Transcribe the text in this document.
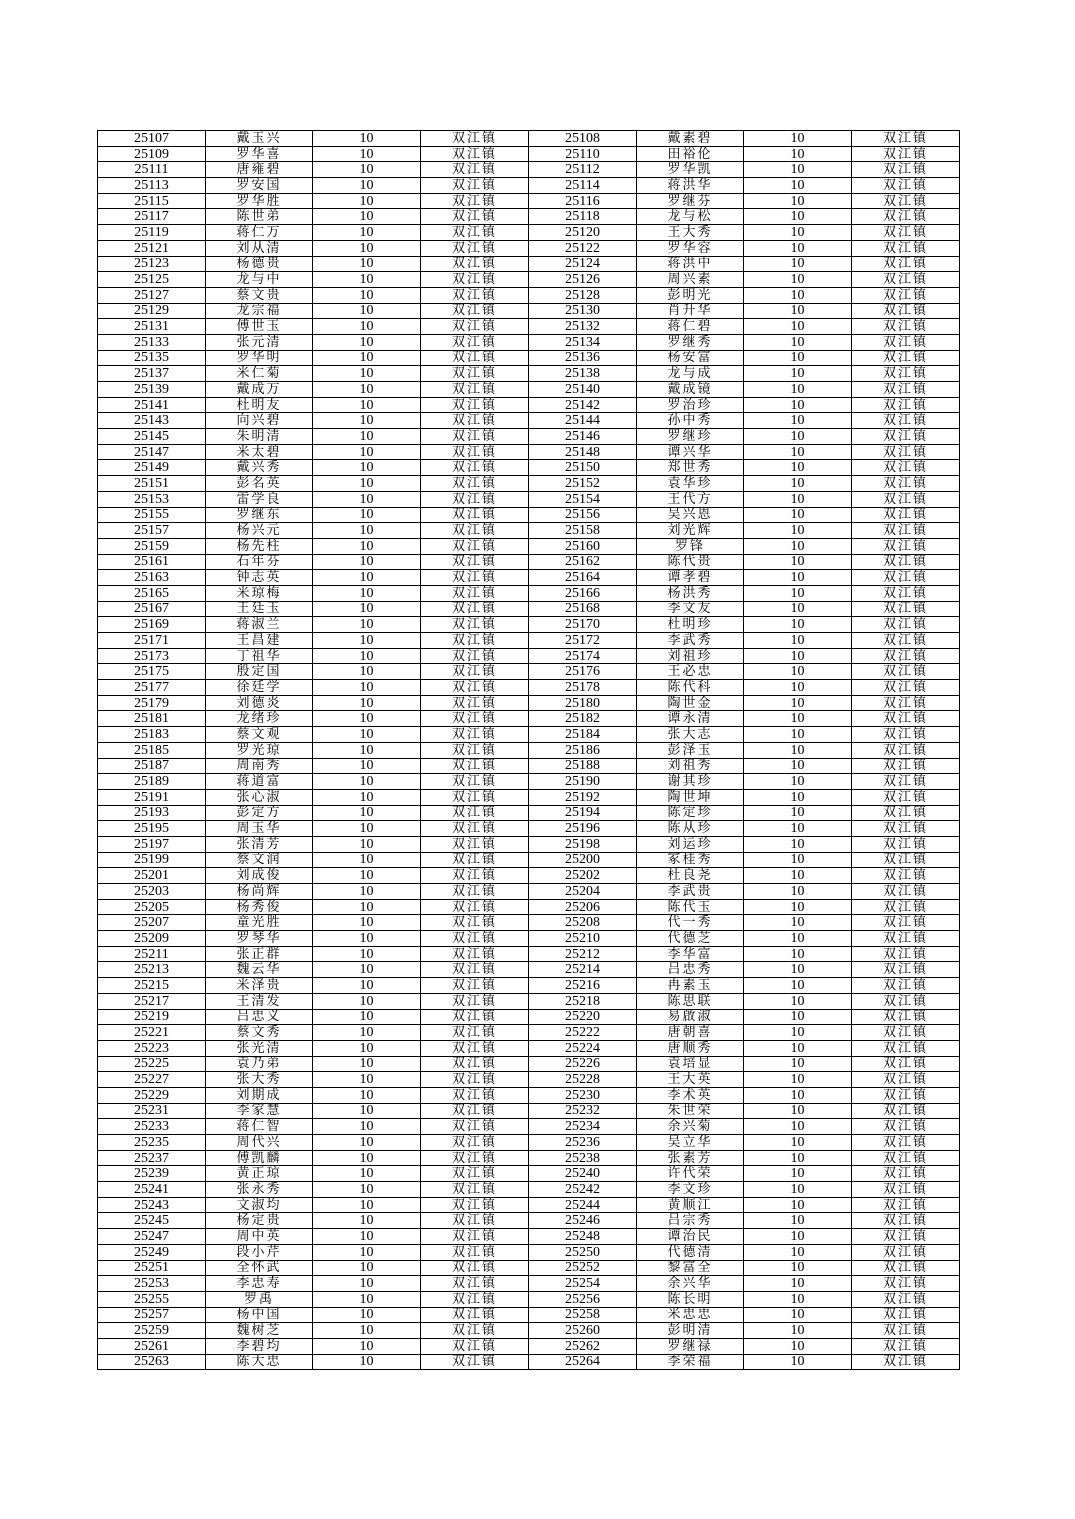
25107	戴玉兴	10	双江镇	25108	戴素碧	10	双江镇
25109	罗华喜	10	双江镇	25110	田裕伦	10	双江镇
25111	唐雍碧	10	双江镇	25112	罗华凯	10	双江镇
25113	罗安国	10	双江镇	25114	蒋洪华	10	双江镇
25115	罗华胜	10	双江镇	25116	罗继芬	10	双江镇
25117	陈世弟	10	双江镇	25118	龙与松	10	双江镇
25119	蒋仁万	10	双江镇	25120	王大秀	10	双江镇
25121	刘从清	10	双江镇	25122	罗华容	10	双江镇
25123	杨德贵	10	双江镇	25124	蒋洪中	10	双江镇
25125	龙与中	10	双江镇	25126	周兴素	10	双江镇
25127	蔡文贵	10	双江镇	25128	彭明光	10	双江镇
25129	龙宗福	10	双江镇	25130	肖升华	10	双江镇
25131	傅世玉	10	双江镇	25132	蒋仁碧	10	双江镇
25133	张元清	10	双江镇	25134	罗继秀	10	双江镇
25135	罗华明	10	双江镇	25136	杨安富	10	双江镇
25137	米仁菊	10	双江镇	25138	龙与成	10	双江镇
25139	戴成万	10	双江镇	25140	戴成镜	10	双江镇
25141	杜明友	10	双江镇	25142	罗治珍	10	双江镇
25143	向兴碧	10	双江镇	25144	孙中秀	10	双江镇
25145	朱明清	10	双江镇	25146	罗继珍	10	双江镇
25147	米太碧	10	双江镇	25148	谭兴华	10	双江镇
25149	戴兴秀	10	双江镇	25150	郑世秀	10	双江镇
25151	彭名英	10	双江镇	25152	袁华珍	10	双江镇
25153	雷学良	10	双江镇	25154	王代方	10	双江镇
25155	罗继东	10	双江镇	25156	吴兴恩	10	双江镇
25157	杨兴元	10	双江镇	25158	刘光辉	10	双江镇
25159	杨先柱	10	双江镇	25160	罗锋	10	双江镇
25161	石年芬	10	双江镇	25162	陈代贵	10	双江镇
25163	钟志英	10	双江镇	25164	谭孝碧	10	双江镇
25165	米琼梅	10	双江镇	25166	杨洪秀	10	双江镇
25167	王廷玉	10	双江镇	25168	李文友	10	双江镇
25169	蒋淑兰	10	双江镇	25170	杜明珍	10	双江镇
25171	王昌建	10	双江镇	25172	李武秀	10	双江镇
25173	丁祖华	10	双江镇	25174	刘祖珍	10	双江镇
25175	殷定国	10	双江镇	25176	王必忠	10	双江镇
25177	徐廷学	10	双江镇	25178	陈代科	10	双江镇
25179	刘德炎	10	双江镇	25180	陶世金	10	双江镇
25181	龙绪珍	10	双江镇	25182	谭永清	10	双江镇
25183	蔡文观	10	双江镇	25184	张大志	10	双江镇
25185	罗光琼	10	双江镇	25186	彭泽玉	10	双江镇
25187	周南秀	10	双江镇	25188	刘祖秀	10	双江镇
25189	蒋道富	10	双江镇	25190	谢其珍	10	双江镇
25191	张心淑	10	双江镇	25192	陶世坤	10	双江镇
25193	彭定方	10	双江镇	25194	陈定珍	10	双江镇
25195	周玉华	10	双江镇	25196	陈从珍	10	双江镇
25197	张清芳	10	双江镇	25198	刘运珍	10	双江镇
25199	蔡文润	10	双江镇	25200	冢桂秀	10	双江镇
25201	刘成俊	10	双江镇	25202	杜良尧	10	双江镇
25203	杨尚辉	10	双江镇	25204	李武贵	10	双江镇
25205	杨秀俊	10	双江镇	25206	陈代玉	10	双江镇
25207	童光胜	10	双江镇	25208	代一秀	10	双江镇
25209	罗琴华	10	双江镇	25210	代德芝	10	双江镇
25211	张正群	10	双江镇	25212	李华富	10	双江镇
25213	魏云华	10	双江镇	25214	吕忠秀	10	双江镇
25215	米泽贵	10	双江镇	25216	冉素玉	10	双江镇
25217	王清发	10	双江镇	25218	陈思联	10	双江镇
25219	吕忠义	10	双江镇	25220	易啟淑	10	双江镇
25221	蔡文秀	10	双江镇	25222	唐朝喜	10	双江镇
25223	张光清	10	双江镇	25224	唐顺秀	10	双江镇
25225	袁乃弟	10	双江镇	25226	袁培显	10	双江镇
25227	张大秀	10	双江镇	25228	王大英	10	双江镇
25229	刘期成	10	双江镇	25230	李术英	10	双江镇
25231	李家慧	10	双江镇	25232	朱世荣	10	双江镇
25233	蒋仁智	10	双江镇	25234	余兴菊	10	双江镇
25235	周代兴	10	双江镇	25236	吴立华	10	双江镇
25237	傅凯麟	10	双江镇	25238	张素芳	10	双江镇
25239	黄正琼	10	双江镇	25240	许代荣	10	双江镇
25241	张永秀	10	双江镇	25242	李文珍	10	双江镇
25243	文淑均	10	双江镇	25244	黄顺江	10	双江镇
25245	杨定贵	10	双江镇	25246	吕宗秀	10	双江镇
25247	周中英	10	双江镇	25248	谭治民	10	双江镇
25249	段小芹	10	双江镇	25250	代德清	10	双江镇
25251	全怀武	10	双江镇	25252	黎富全	10	双江镇
25253	李忠寿	10	双江镇	25254	余兴华	10	双江镇
25255	罗禹	10	双江镇	25256	陈长明	10	双江镇
25257	杨中国	10	双江镇	25258	米忠忠	10	双江镇
25259	魏树芝	10	双江镇	25260	彭明清	10	双江镇
25261	李碧均	10	双江镇	25262	罗继禄	10	双江镇
25263	陈大忠	10	双江镇	25264	李荣福	10	双江镇
